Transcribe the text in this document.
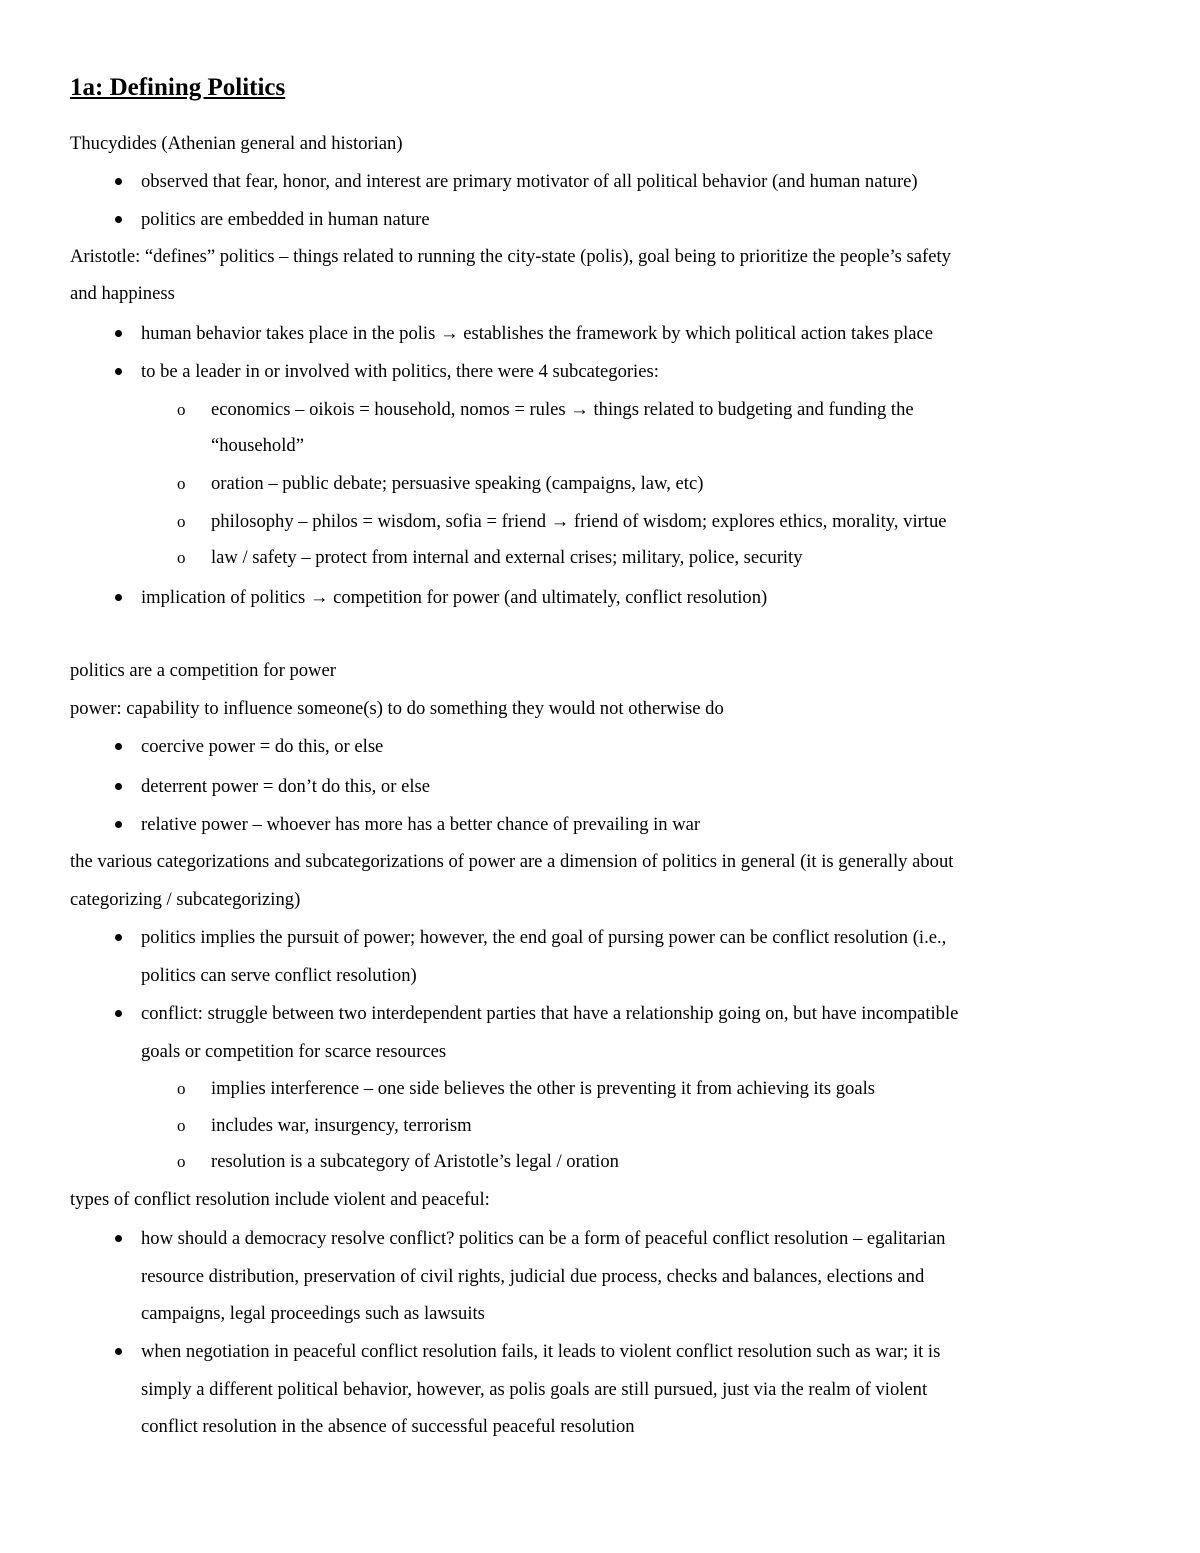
1a: Defining Politics
Thucydides (Athenian general and historian)
observed that fear, honor, and interest are primary motivator of all political behavior (and human nature)
politics are embedded in human nature
Aristotle: “defines” politics – things related to running the city-state (polis), goal being to prioritize the people’s safety
and happiness
human behavior takes place in the polis → establishes the framework by which political action takes place
to be a leader in or involved with politics, there were 4 subcategories:
o economics – oikois = household, nomos = rules → things related to budgeting and funding the
“household”
o oration – public debate; persuasive speaking (campaigns, law, etc)
o philosophy – philos = wisdom, sofia = friend → friend of wisdom; explores ethics, morality, virtue
o law / safety – protect from internal and external crises; military, police, security
implication of politics → competition for power (and ultimately, conflict resolution)
politics are a competition for power
power: capability to influence someone(s) to do something they would not otherwise do
coercive power = do this, or else
deterrent power = don’t do this, or else
relative power – whoever has more has a better chance of prevailing in war
the various categorizations and subcategorizations of power are a dimension of politics in general (it is generally about
categorizing / subcategorizing)
politics implies the pursuit of power; however, the end goal of pursing power can be conflict resolution (i.e.,
politics can serve conflict resolution)
conflict: struggle between two interdependent parties that have a relationship going on, but have incompatible
goals or competition for scarce resources
o implies interference – one side believes the other is preventing it from achieving its goals
o includes war, insurgency, terrorism
o resolution is a subcategory of Aristotle’s legal / oration
types of conflict resolution include violent and peaceful:
how should a democracy resolve conflict? politics can be a form of peaceful conflict resolution – egalitarian
resource distribution, preservation of civil rights, judicial due process, checks and balances, elections and
campaigns, legal proceedings such as lawsuits
when negotiation in peaceful conflict resolution fails, it leads to violent conflict resolution such as war; it is
simply a different political behavior, however, as polis goals are still pursued, just via the realm of violent
conflict resolution in the absence of successful peaceful resolution
